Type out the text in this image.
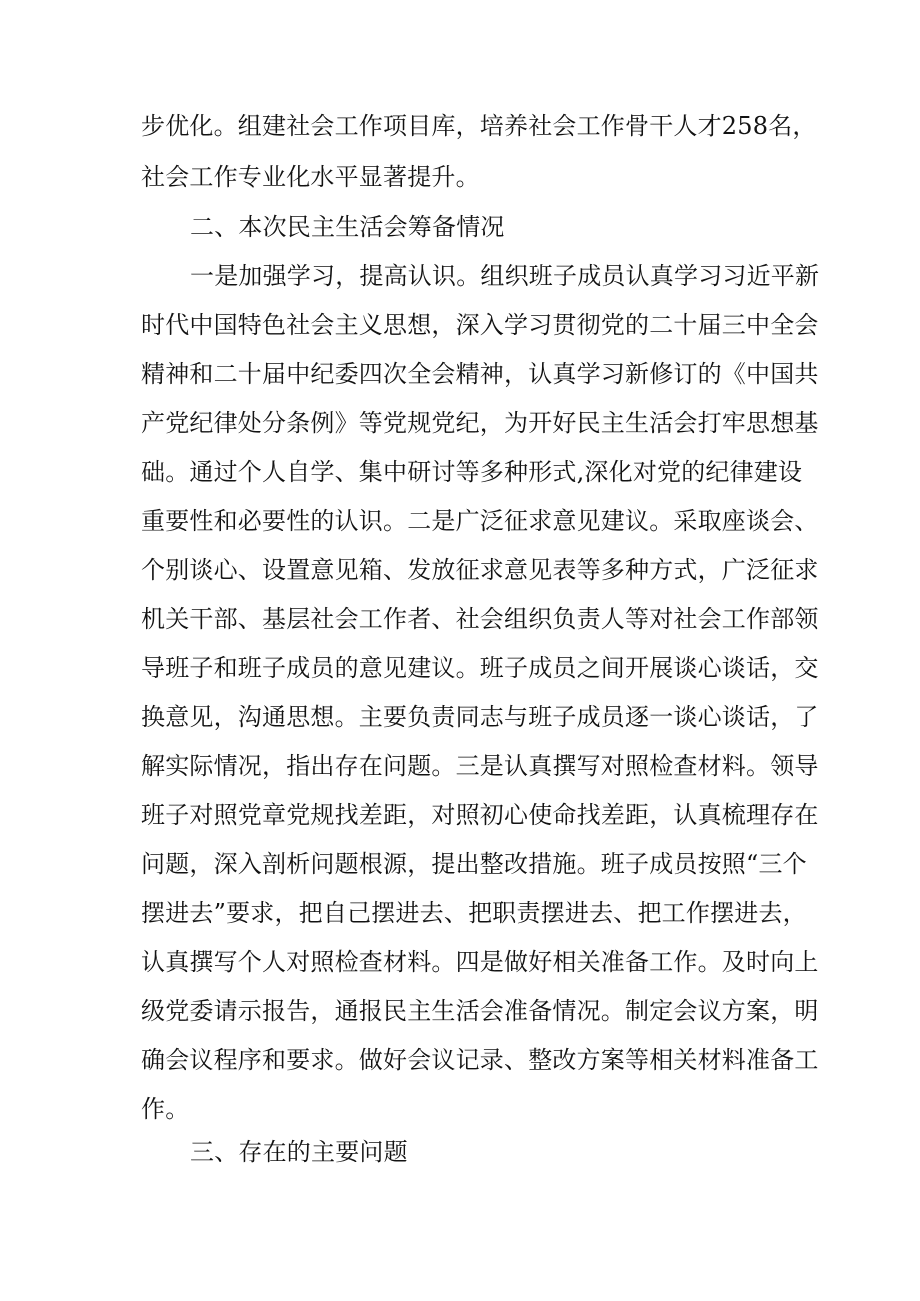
步优化。组建社会工作项目库，培养社会工作骨干人才258名，
社会工作专业化水平显著提升。
二、本次民主生活会筹备情况
一是加强学习，提高认识。组织班子成员认真学习习近平新
时代中国特色社会主义思想，深入学习贯彻党的二十届三中全会
精神和二十届中纪委四次全会精神，认真学习新修订的《中国共
产党纪律处分条例》等党规党纪，为开好民主生活会打牢思想基
础。通过个人自学、集中研讨等多种形式,深化对党的纪律建设
重要性和必要性的认识。二是广泛征求意见建议。采取座谈会、
个别谈心、设置意见箱、发放征求意见表等多种方式，广泛征求
机关干部、基层社会工作者、社会组织负责人等对社会工作部领
导班子和班子成员的意见建议。班子成员之间开展谈心谈话，交
换意见，沟通思想。主要负责同志与班子成员逐一谈心谈话，了
解实际情况，指出存在问题。三是认真撰写对照检查材料。领导
班子对照党章党规找差距，对照初心使命找差距，认真梳理存在
问题，深入剖析问题根源，提出整改措施。班子成员按照“三个
摆进去”要求，把自己摆进去、把职责摆进去、把工作摆进去，
认真撰写个人对照检查材料。四是做好相关准备工作。及时向上
级党委请示报告，通报民主生活会准备情况。制定会议方案，明
确会议程序和要求。做好会议记录、整改方案等相关材料准备工
作。
三、存在的主要问题
